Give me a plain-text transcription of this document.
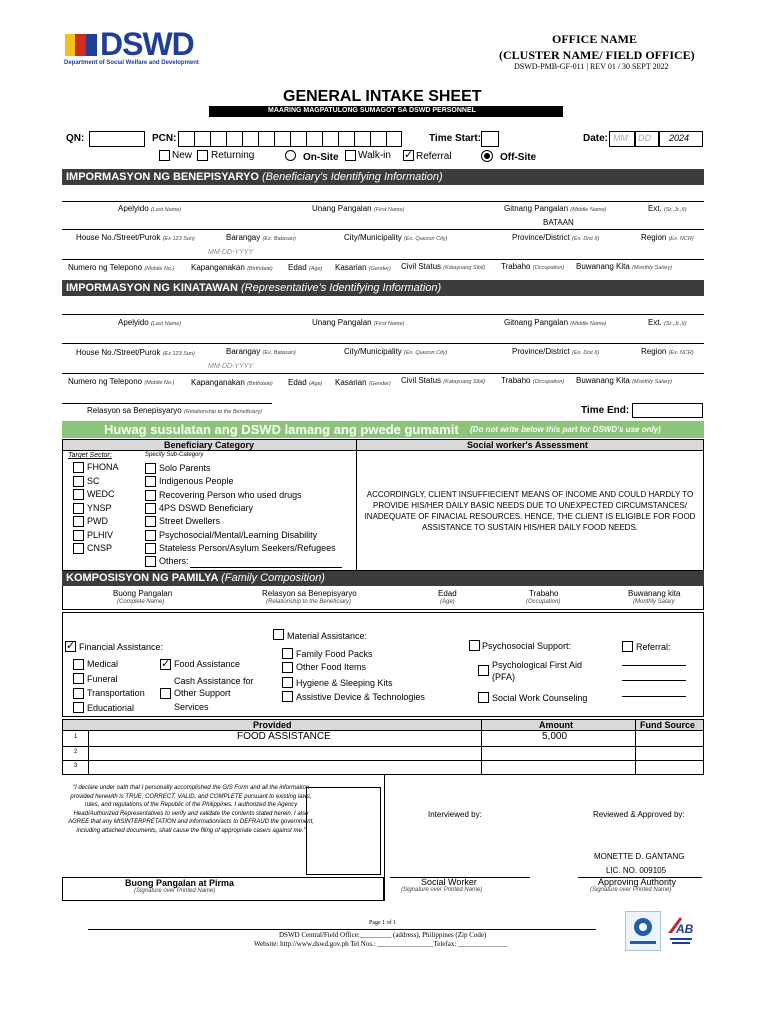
DSWD
Department of Social Welfare and Development
OFFICE NAME
(CLUSTER NAME/ FIELD OFFICE)
DSWD-PMB-GF-011 | REV 01 / 30 SEPT 2022
GENERAL INTAKE SHEET
MAARING MAGPATULONG SUMAGOT SA DSWD PERSONNEL
QN:	PCN:	Time Start:	Date: MM DD 2024
New Returning	On-Site Walk-in
✓	Referral	Off-Site
IMPORMASYON NG BENEPISYARYO (Beneficiary's Identifying Information)
Apelyido (Last Name)	Unang Pangalan (First Name)	Gitnang Pangalan (Middle Name)	Ext. (Sr.,Jr.,II)
BATAAN
House No./Street/Purok (Ex 123 Sun)	Barangay (Ex. Batasan)	City/Municipality (Ex. Quezon City)	Province/District (Ex. Dist II)	Region (Ex. NCR)
MM-DD-YYYY
Numero ng Telepono (Mobile No.) Kapanganakan (Birthdate) Edad (Age) Kasarian (Gender) Civil Status (Katayuang Sibil) Trabaho (Occupation) Buwanang Kita (Monthly Salary)
IMPORMASYON NG KINATAWAN (Representative's Identifying Information)
Apelyido (Last Name)	Unang Pangalan (First Name)	Gitnang Pangalan (Middle Name)	Ext. (Sr.,Jr.,II)
House No./Street/Purok (Ex 123 Sun)	Barangay (Ex. Batasan)	City/Municipality (Ex. Quezon City)	Province/District (Ex. Dist II)	Region (Ex. NCR)
MM-DD-YYYY
Numero ng Telepono (Mobile No.) Kapanganakan (Birthdate) Edad (Age) Kasarian (Gender) Civil Status (Katayuang Sibil) Trabaho (Occupation) Buwanang Kita (Monthly Salary)
Relasyon sa Benepisyaryo (Relationship to the Beneficiary)	Time End:
Huwag susulatan ang DSWD lamang ang pwede gumamit (Do not write below this part for DSWD's use only)
Beneficiary Category	Social worker's Assessment
Target Sector:	Specify Sub-Category
FHONA
SC
WEDC
YNSP
PWD
PLHIV
CNSP
Solo Parents
Indigenous People
Recovering Person who used drugs
4PS DSWD Beneficiary
Street Dwellers
Psychosocial/Mental/Learning Disability
Stateless Person/Asylum Seekers/Refugees
Others:
ACCORDINGLY, CLIENT INSUFFIECIENT MEANS OF INCOME AND COULD HARDLY TO PROVIDE HIS/HER DAILY BASIC NEEDS DUE TO UNEXPECTED CIRCUMSTANCES/ INADEQUATE OF FINACIAL RESOURCES. HENCE, THE CLIENT IS ELIGIBLE FOR FOOD ASSISTANCE TO SUSTAIN HIS/HER DAILY FOOD NEEDS.
KOMPOSISYON NG PAMILYA (Family Composition)
Buong Pangalan
(Complete Name)
Relasyon sa Benepisyaryo
(Relationship to the Beneficiary)
Edad
(Age)
Trabaho
(Occupation)
Buwanang kita
(Monthly Salary
✓
Financial Assistance:
Medical
Funeral
Transportation
Educational
✓
Food Assistance
Cash Assistance for
Other Support
Services
Material Assistance:
Family Food Packs
Other Food Items
Hygiene & Sleeping Kits
Assistive Device & Technologies
Psychosocial Support:
Psychological First Aid
(PFA)
Social Work Counseling
Referral:
Provided	Amount	Fund Source
1	FOOD ASSISTANCE	5,000
2
3
"I declare under oath that I personally accomplished the GIS Form and all the information provided herewith is TRUE, CORRECT, VALID, and COMPLETE pursuant to existing laws, rules, and regulations of the Republic of the Philippines. I authorized the Agency Head/Authorized Representatives to verify and validate the contents stated herein. I also AGREE that any MISINTERPRETATION and information/acts to DEFRAUD the government, including attached documents, shall cause the filing of appropriate case/s against me."
Buong Pangalan at Pirma
(Signature over Printed Name)
Interviewed by:	Reviewed & Approved by:
MONETTE D. GANTANG
LIC. NO. 009105
Social Worker
(Signature over Printed Name)
Approving Authority
(Signature over Printed Name)
Page 1 of 1
DSWD Central/Field Office:_________ (address), Philippines (Zip Code)
Website: http://www.dswd.gov.ph Tel Nos.: ________________Telefax: ______________
AB
